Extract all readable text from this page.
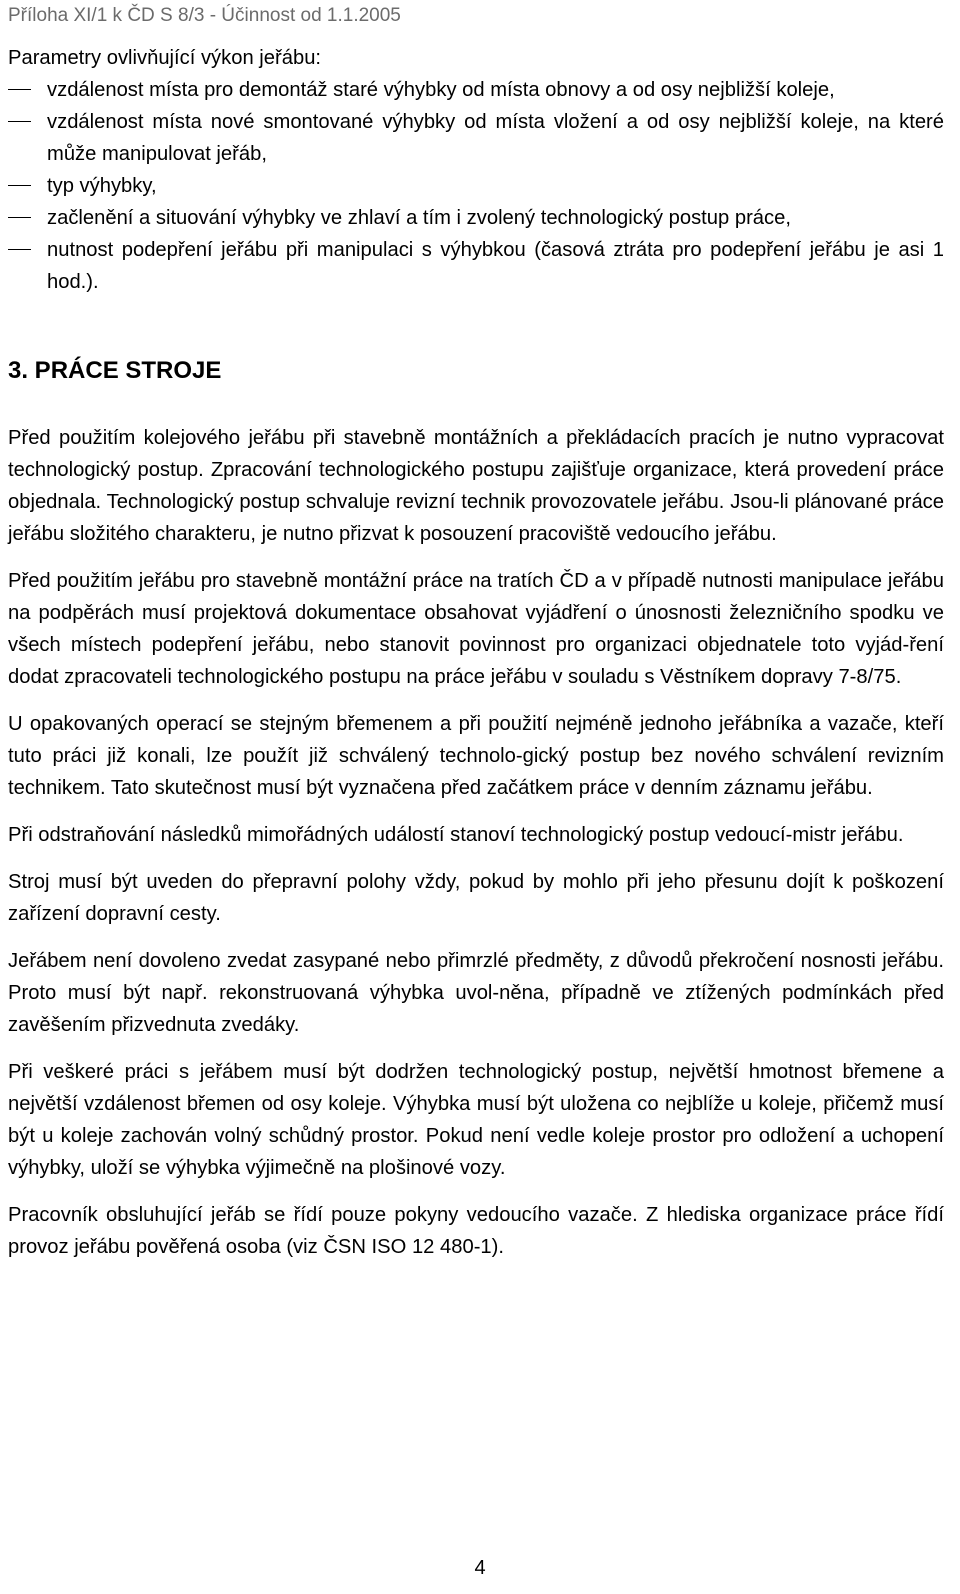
Příloha XI/1 k ČD S 8/3 - Účinnost od 1.1.2005
Parametry ovlivňující výkon jeřábu:
vzdálenost místa pro demontáž staré výhybky od místa obnovy a od osy nejbližší koleje,
vzdálenost místa nové smontované výhybky od místa vložení a od osy nejbližší koleje, na které může manipulovat jeřáb,
typ výhybky,
začlenění a situování výhybky ve zhlaví a tím i zvolený technologický postup práce,
nutnost podepření jeřábu při manipulaci s výhybkou (časová ztráta pro podepření jeřábu je asi 1 hod.).
3. PRÁCE STROJE

Před použitím kolejového jeřábu při stavebně montážních a překládacích pracích je nutno vypracovat technologický postup. Zpracování technologického postupu zajišťuje organizace, která provedení práce objednala. Technologický postup schvaluje revizní technik provozovatele jeřábu. Jsou-li plánované práce jeřábu složitého charakteru, je nutno přizvat k posouzení pracoviště vedoucího jeřábu.

Před použitím jeřábu pro stavebně montážní práce na tratích ČD a v případě nutnosti manipulace jeřábu na podpěrách musí projektová dokumentace obsahovat vyjádření o únosnosti železničního spodku ve všech místech podepření jeřábu, nebo stanovit povinnost pro organizaci objednatele toto vyjád-ření dodat zpracovateli technologického postupu na práce jeřábu v souladu s Věstníkem dopravy 7-8/75.

U opakovaných operací se stejným břemenem a při použití nejméně jednoho jeřábníka a vazače, kteří tuto práci již konali, lze použít již schválený technolo-gický postup bez nového schválení revizním technikem. Tato skutečnost musí být vyznačena před začátkem práce v denním záznamu jeřábu.

Při odstraňování následků mimořádných událostí stanoví technologický postup vedoucí-mistr jeřábu.

Stroj musí být uveden do přepravní polohy vždy, pokud by mohlo při jeho přesunu dojít k poškození zařízení dopravní cesty.

Jeřábem není dovoleno zvedat zasypané nebo přimrzlé předměty, z důvodů překročení nosnosti jeřábu. Proto musí být např. rekonstruovaná výhybka uvol-něna, případně ve ztížených podmínkách před zavěšením přizvednuta zvedáky.

Při veškeré práci s jeřábem musí být dodržen technologický postup, největší hmotnost břemene a největší vzdálenost břemen od osy koleje. Výhybka musí být uložena co nejblíže u koleje, přičemž musí být u koleje zachován volný schůdný prostor. Pokud není vedle koleje prostor pro odložení a uchopení výhybky, uloží se výhybka výjimečně na plošinové vozy.

Pracovník obsluhující jeřáb se řídí pouze pokyny vedoucího vazače. Z hlediska organizace práce řídí provoz jeřábu pověřená osoba (viz ČSN ISO 12 480-1).

4
